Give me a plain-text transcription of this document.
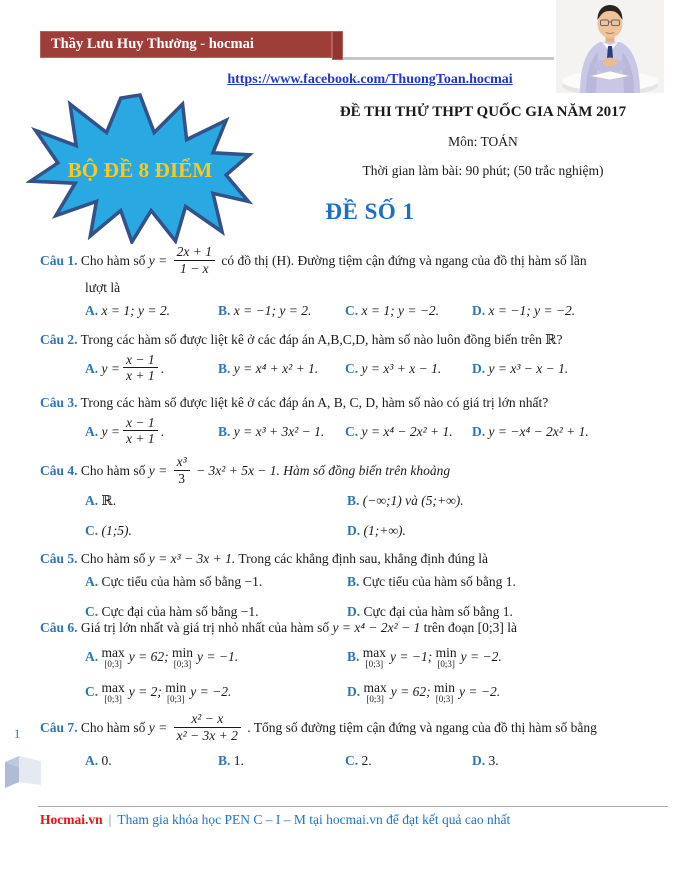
Thầy Lưu Huy Thưởng - hocmai
https://www.facebook.com/ThuongToan.hocmai
ĐỀ THI THỬ THPT QUỐC GIA NĂM 2017
Môn: TOÁN
Thời gian làm bài: 90 phút; (50 trắc nghiệm)
BỘ ĐỀ 8 ĐIỂM
ĐỀ SỐ 1
Câu 1. Cho hàm số $y = \frac{2x + 1}{1 - x}$ có đồ thị (H). Đường tiệm cận đứng và ngang của đồ thị hàm số lần
lượt là
A. x = 1; y = 2.	B. x = −1; y = 2.	C. x = 1; y = −2.	D. x = −1; y = −2.
Câu 2. Trong các hàm số được liệt kê ở các đáp án A,B,C,D, hàm số nào luôn đồng biến trên ℝ?
A. $y = \frac{x - 1}{x + 1}$ .	B. y = x⁴ + x² + 1.	C. y = x³ + x − 1.	D. y = x³ − x − 1.
Câu 3. Trong các hàm số được liệt kê ở các đáp án A, B, C, D, hàm số nào có giá trị lớn nhất?
A. $y = \frac{x - 1}{x + 1}$ .	B. y = x³ + 3x² − 1.	C. y = x⁴ − 2x² + 1.	D. y = −x⁴ − 2x² + 1.
Câu 4. Cho hàm số $y = \frac{\text{x³}}{3} - 3x^2 + 5x - 1$. Hàm số đồng biến trên khoảng
A. ℝ.	B. (−∞;1) và (5;+∞).
C. (1;5).	D. (1;+∞).
Câu 5. Cho hàm số y = x³ − 3x + 1. Trong các khẳng định sau, khẳng định đúng là
A. Cực tiểu của hàm số bằng −1.	B. Cực tiểu của hàm số bằng 1.
C. Cực đại của hàm số bằng −1.	D. Cực đại của hàm số bằng 1.
Câu 6. Giá trị lớn nhất và giá trị nhỏ nhất của hàm số y = x⁴ − 2x² − 1 trên đoạn [0;3] là
A. max
[0;3]
y = 62; min
[0;3]
y = −1.	B. max
[0;3]
y = −1; min
[0;3]
y = −2.
C. max
[0;3]
y = 2; min
[0;3]
y = −2.	D. max
[0;3]
y = 62; min
[0;3]
y = −2.
Câu 7. Cho hàm số $y = \frac{\text{x² − x}}{\text{x² − 3x + 2}}$ . Tổng số đường tiệm cận đứng và ngang của đồ thị hàm số bằng
A. 0.	B. 1.	C. 2.	D. 3.
1
Hocmai.vn | Tham gia khóa học PEN C – I – M tại hocmai.vn để đạt kết quả cao nhất
